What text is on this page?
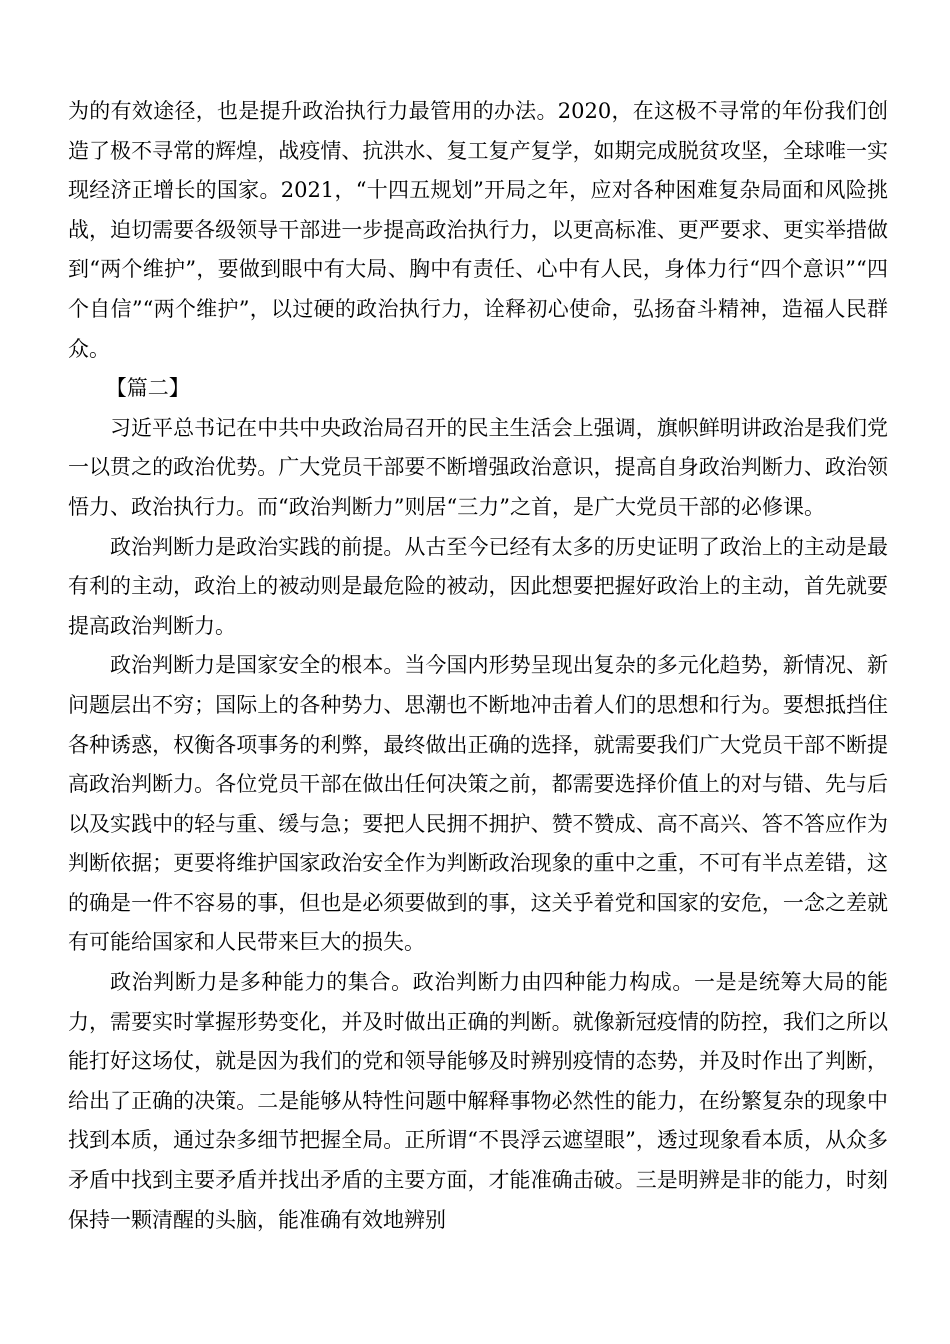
为的有效途径，也是提升政治执行力最管用的办法。2020，在这极不寻常的年份我们创造了极不寻常的辉煌，战疫情、抗洪水、复工复产复学，如期完成脱贫攻坚，全球唯一实现经济正增长的国家。2021，“十四五规划”开局之年，应对各种困难复杂局面和风险挑战，迫切需要各级领导干部进一步提高政治执行力，以更高标准、更严要求、更实举措做到“两个维护”，要做到眼中有大局、胸中有责任、心中有人民，身体力行“四个意识”“四个自信”“两个维护”，以过硬的政治执行力，诠释初心使命，弘扬奋斗精神，造福人民群众。

【篇二】

习近平总书记在中共中央政治局召开的民主生活会上强调，旗帜鲜明讲政治是我们党一以贯之的政治优势。广大党员干部要不断增强政治意识，提高自身政治判断力、政治领悟力、政治执行力。而“政治判断力”则居“三力”之首，是广大党员干部的必修课。

政治判断力是政治实践的前提。从古至今已经有太多的历史证明了政治上的主动是最有利的主动，政治上的被动则是最危险的被动，因此想要把握好政治上的主动，首先就要提高政治判断力。

政治判断力是国家安全的根本。当今国内形势呈现出复杂的多元化趋势，新情况、新问题层出不穷；国际上的各种势力、思潮也不断地冲击着人们的思想和行为。要想抵挡住各种诱惑，权衡各项事务的利弊，最终做出正确的选择，就需要我们广大党员干部不断提高政治判断力。各位党员干部在做出任何决策之前，都需要选择价值上的对与错、先与后以及实践中的轻与重、缓与急；要把人民拥不拥护、赞不赞成、高不高兴、答不答应作为判断依据；更要将维护国家政治安全作为判断政治现象的重中之重，不可有半点差错，这的确是一件不容易的事，但也是必须要做到的事，这关乎着党和国家的安危，一念之差就有可能给国家和人民带来巨大的损失。

政治判断力是多种能力的集合。政治判断力由四种能力构成。一是是统筹大局的能力，需要实时掌握形势变化，并及时做出正确的判断。就像新冠疫情的防控，我们之所以能打好这场仗，就是因为我们的党和领导能够及时辨别疫情的态势，并及时作出了判断，给出了正确的决策。二是能够从特性问题中解释事物必然性的能力，在纷繁复杂的现象中找到本质，通过杂多细节把握全局。正所谓“不畏浮云遮望眼”，透过现象看本质，从众多矛盾中找到主要矛盾并找出矛盾的主要方面，才能准确击破。三是明辨是非的能力，时刻保持一颗清醒的头脑，能准确有效地辨别
